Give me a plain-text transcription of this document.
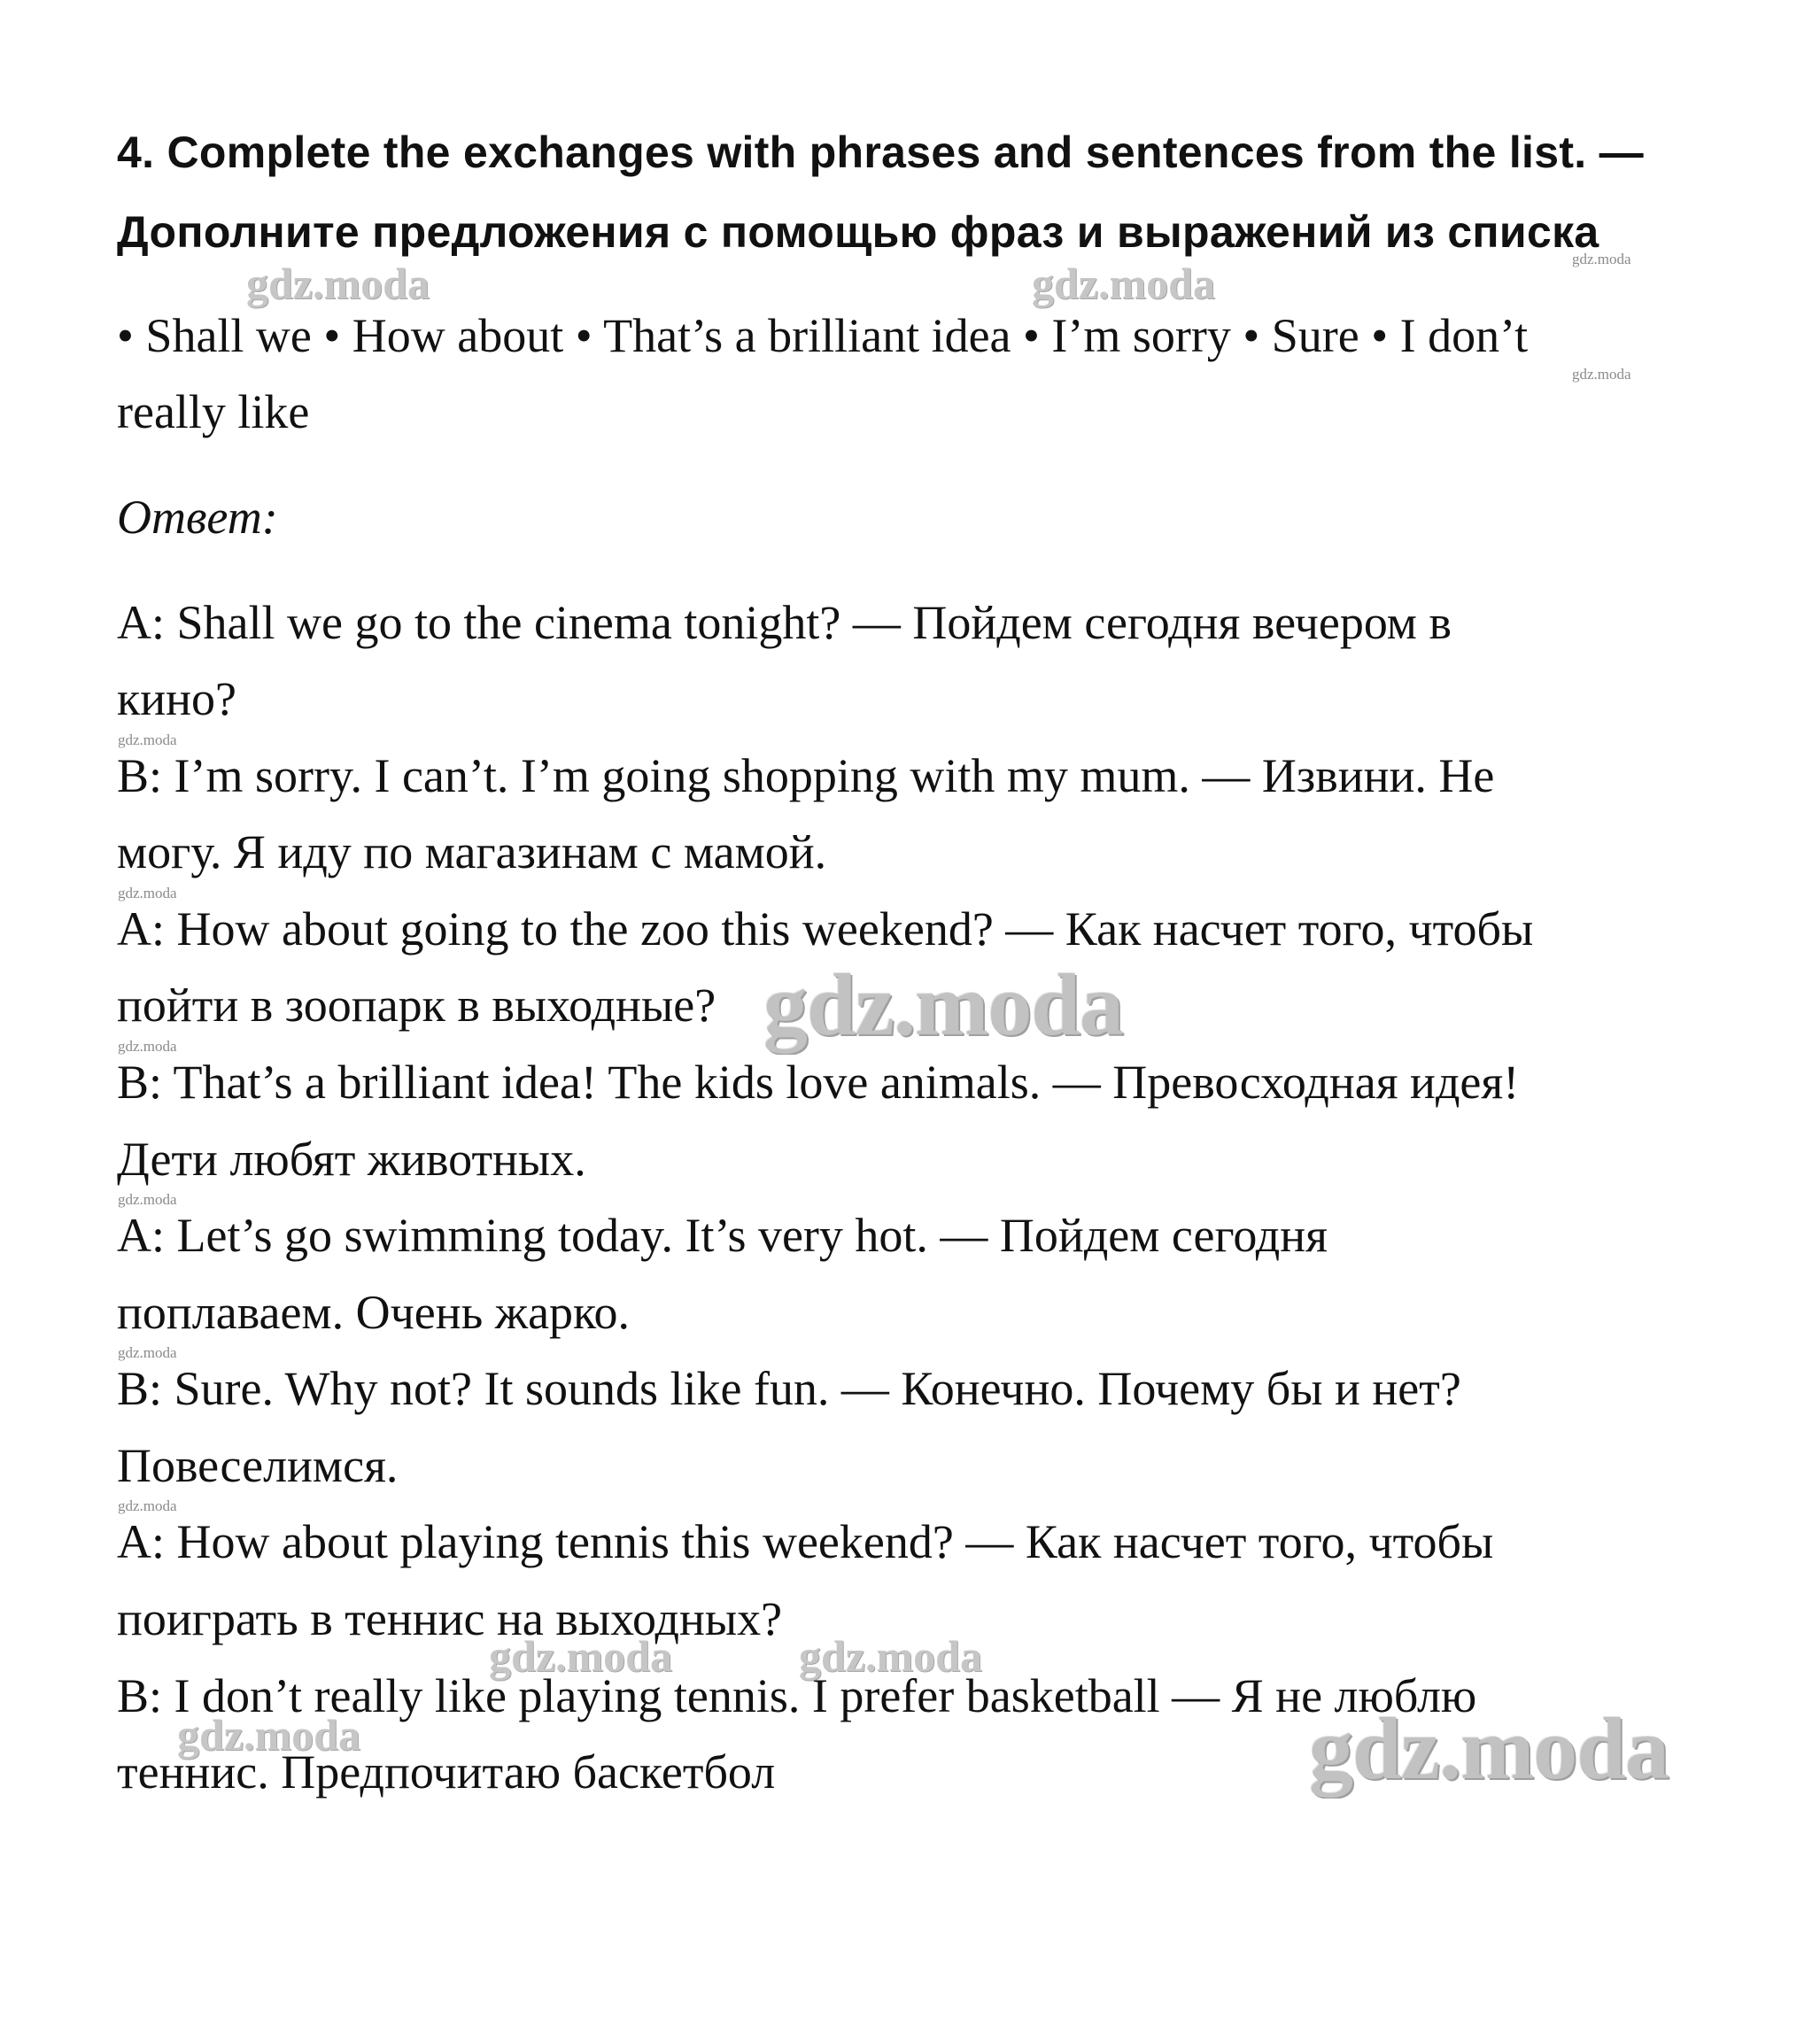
4. Complete the exchanges with phrases and sentences from the list. —
Дополните предложения с помощью фраз и выражений из списка
• Shall we • How about • That’s a brilliant idea • I’m sorry • Sure • I don’t
really like
Ответ:
A: Shall we go to the cinema tonight? — Пойдем сегодня вечером в
кино?
B: I’m sorry. I can’t. I’m going shopping with my mum. — Извини. Не
могу. Я иду по магазинам с мамой.
A: How about going to the zoo this weekend? — Как насчет того, чтобы
пойти в зоопарк в выходные?
B: That’s a brilliant idea! The kids love animals. — Превосходная идея!
Дети любят животных.
A: Let’s go swimming today. It’s very hot. — Пойдем сегодня
поплаваем. Очень жарко.
B: Sure. Why not? It sounds like fun. — Конечно. Почему бы и нет?
Повеселимся.
A: How about playing tennis this weekend? — Как насчет того, чтобы
поиграть в теннис на выходных?
B: I don’t really like playing tennis. I prefer basketball — Я не люблю
теннис. Предпочитаю баскетбол
gdz.moda	gdz.moda	gdz.moda
gdz.moda
gdz.moda
gdz.moda
gdz.moda
gdz.moda
gdz.moda
gdz.moda
gdz.moda
gdz.moda	gdz.moda
gdz.moda	gdz.moda
